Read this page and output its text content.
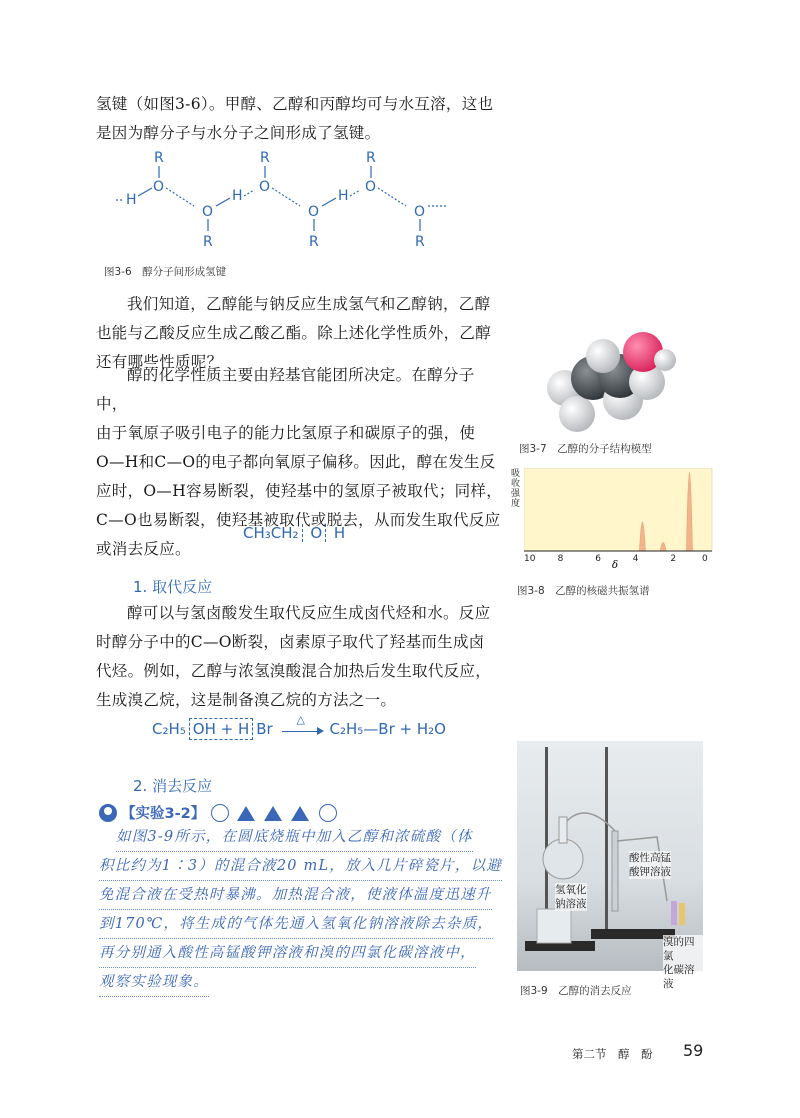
氢键（如图3-6）。甲醇、乙醇和丙醇均可与水互溶，这也

是因为醇分子与水分子之间形成了氢键。

R
O
H
O
R
H
R
O
O
R
H
R
O
O
R
图3-6　醇分子间形成氢键

我们知道，乙醇能与钠反应生成氢气和乙醇钠，乙醇

也能与乙酸反应生成乙酸乙酯。除上述化学性质外，乙醇

还有哪些性质呢？

醇的化学性质主要由羟基官能团所决定。在醇分子中，

由于氧原子吸引电子的能力比氢原子和碳原子的强，使

O—H和C—O的电子都向氧原子偏移。因此，醇在发生反

应时，O—H容易断裂，使羟基中的氢原子被取代；同样，

C—O也易断裂，使羟基被取代或脱去，从而发生取代反应

或消去反应。

CH₃CH₂ O H
图3-7　乙醇的分子结构模型
吸收强度
10 8	6	4	2	0
δ
图3-8　乙醇的核磁共振氢谱
1. 取代反应

醇可以与氢卤酸发生取代反应生成卤代烃和水。反应

时醇分子中的C—O断裂，卤素原子取代了羟基而生成卤

代烃。例如，乙醇与浓氢溴酸混合加热后发生取代反应，

生成溴乙烷，这是制备溴乙烷的方法之一。

C₂H₅ OH + H Br
△
C₂H₅—Br + H₂O
2. 消去反应
【实验3-2】

如图3-9所示，在圆底烧瓶中加入乙醇和浓硫酸（体
积比约为1∶3）的混合液20 mL，放入几片碎瓷片，以避
免混合液在受热时暴沸。加热混合液，使液体温度迅速升
到170℃，将生成的气体先通入氢氧化钠溶液除去杂质，
再分别通入酸性高锰酸钾溶液和溴的四氯化碳溶液中，
观察实验现象。
氢氧化
钠溶液
酸性高锰
酸钾溶液
溴的四氯
化碳溶液
图3-9　乙醇的消去反应
第二节　醇　酚 59
